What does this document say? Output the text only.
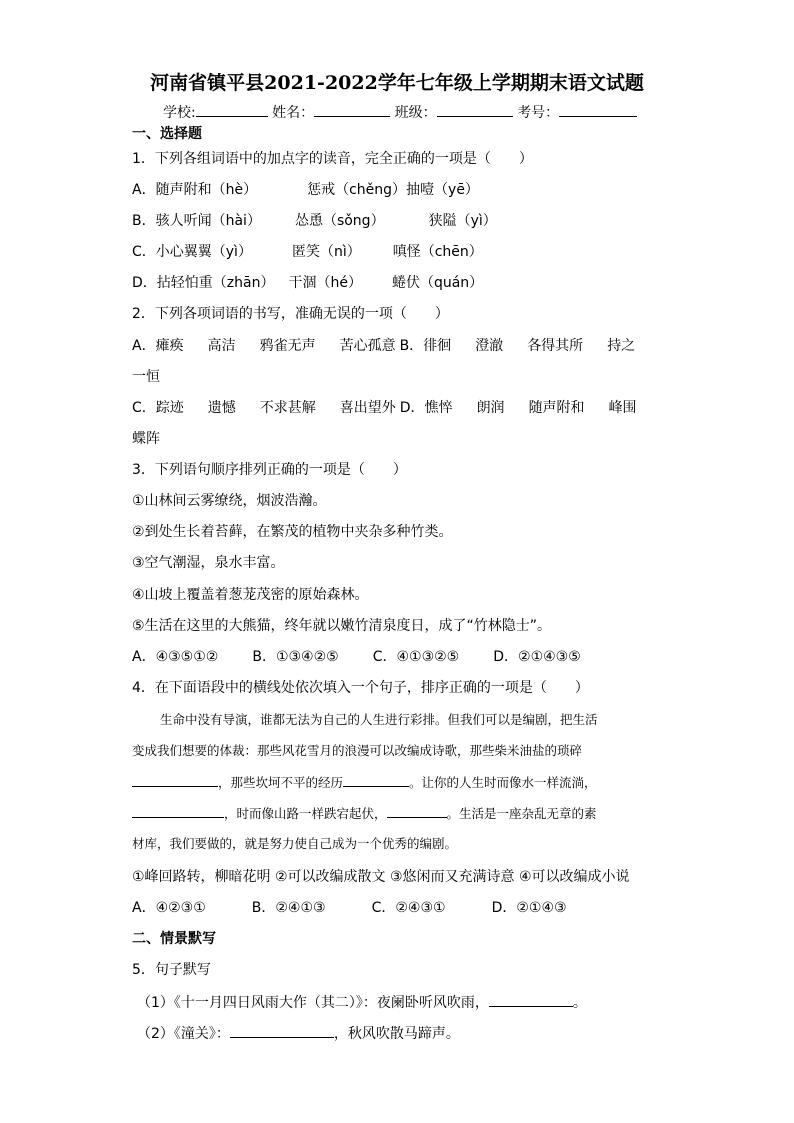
河南省镇平县2021-2022学年七年级上学期期末语文试题
学校:	姓名：	班级：	考号：
一、选择题
1．下列各组词语中的加点字的读音，完全正确的一项是（　　）
A．随声附和（hè）	惩戒（chěng）抽噎（yē）
B．骇人听闻（hài） 怂恿（sǒng）	狭隘（yì）
C．小心翼翼（yì）	匿笑（nì） 嗔怪（chēn）
D．拈轻怕重（zhān） 干涸（hé） 蜷伏（quán）
2．下列各项词语的书写，准确无误的一项（　　）
A．瘫痪 高洁 鸦雀无声 苦心孤意 B．徘徊 澄澈 各得其所 持之
一恒
C．踪迹 遗憾 不求甚解 喜出望外 D．憔悴 朗润 随声附和 峰围
蝶阵
3．下列语句顺序排列正确的一项是（　　）
①山林间云雾缭绕，烟波浩瀚。
②到处生长着苔藓，在繁茂的植物中夹杂多种竹类。
③空气潮湿，泉水丰富。
④山坡上覆盖着葱茏茂密的原始森林。
⑤生活在这里的大熊猫，终年就以嫩竹清泉度日，成了“竹林隐士”。
A．④③⑤①② B．①③④②⑤ C．④①③②⑤ D．②①④③⑤
4．在下面语段中的横线处依次填入一个句子，排序正确的一项是（　　）
生命中没有导演，谁都无法为自己的人生进行彩排。但我们可以是编剧，把生活
变成我们想要的体裁：那些风花雪月的浪漫可以改编成诗歌，那些柴米油盐的琐碎
，那些坎坷不平的经历	。让你的人生时而像水一样流淌，
，时而像山路一样跌宕起伏，	。生活是一座杂乱无章的素
材库，我们要做的，就是努力使自己成为一个优秀的编剧。
①峰回路转，柳暗花明 ②可以改编成散文 ③悠闲而又充满诗意 ④可以改编成小说
A．④②③①	B．②④①③	C．②④③①	D．②①④③
二、情景默写
5．句子默写
（1）《十一月四日风雨大作（其二）》：夜阑卧听风吹雨，	。
（2）《潼关》：	，秋风吹散马蹄声。
